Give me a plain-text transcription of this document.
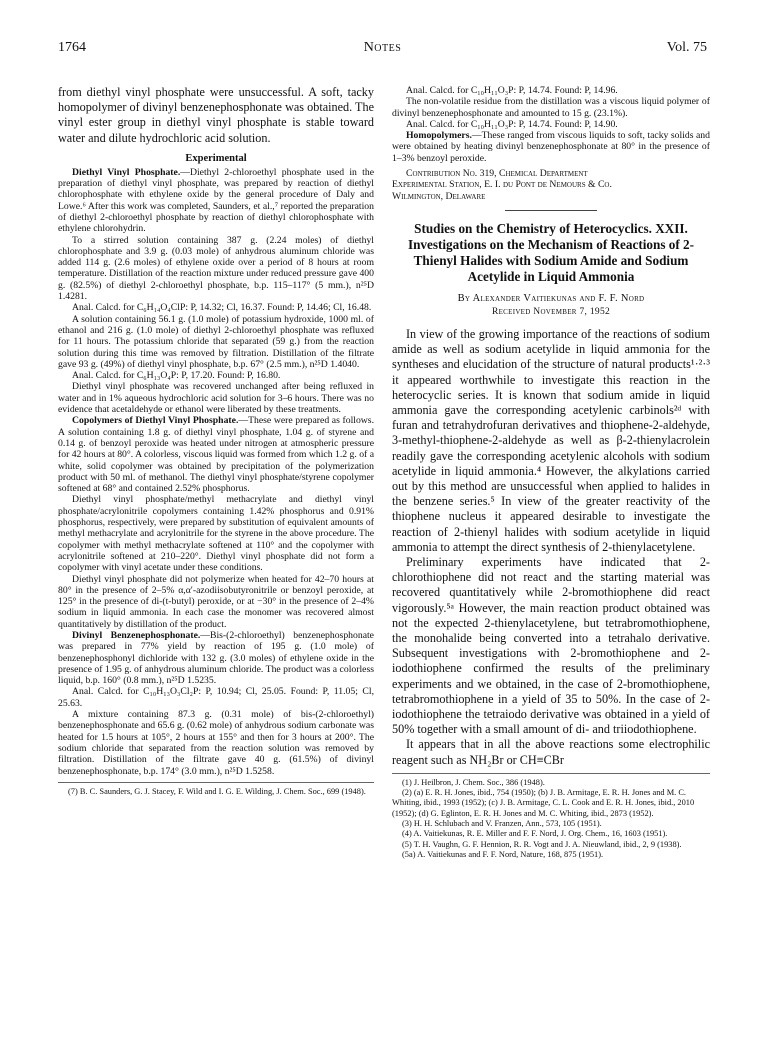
1764	Notes	Vol. 75

from diethyl vinyl phosphate were unsuccessful. A soft, tacky homopolymer of divinyl benzenephosphonate was obtained. The vinyl ester group in diethyl vinyl phosphate is stable toward water and dilute hydrochloric acid solution.

Experimental

Diethyl Vinyl Phosphate.—Diethyl 2-chloroethyl phosphate used in the preparation of diethyl vinyl phosphate, was prepared by reaction of diethyl chlorophosphate with ethylene oxide by the general procedure of Daly and Lowe.⁶ After this work was completed, Saunders, et al.,⁷ reported the preparation of diethyl 2-chloroethyl phosphate by reaction of diethyl chlorophosphate with ethylene chlorohydrin.

To a stirred solution containing 387 g. (2.24 moles) of diethyl chlorophosphate and 3.9 g. (0.03 mole) of anhydrous aluminum chloride was added 114 g. (2.6 moles) of ethylene oxide over a period of 8 hours at room temperature. Distillation of the reaction mixture under reduced pressure gave 400 g. (82.5%) of diethyl 2-chloroethyl phosphate, b.p. 115–117° (5 mm.), n²⁵D 1.4281.

Anal. Calcd. for C₆H₁₄O₄ClP: P, 14.32; Cl, 16.37. Found: P, 14.46; Cl, 16.48.

A solution containing 56.1 g. (1.0 mole) of potassium hydroxide, 1000 ml. of ethanol and 216 g. (1.0 mole) of diethyl 2-chloroethyl phosphate was refluxed for 11 hours. The potassium chloride that separated (59 g.) from the reaction solution during this time was removed by filtration. Distillation of the filtrate gave 93 g. (49%) of diethyl vinyl phosphate, b.p. 67° (2.5 mm.), n²⁵D 1.4040.

Anal. Calcd. for C₆H₁₃O₄P: P, 17.20. Found: P, 16.80.

Diethyl vinyl phosphate was recovered unchanged after being refluxed in water and in 1% aqueous hydrochloric acid solution for 3–6 hours. There was no evidence that acetaldehyde or ethanol were liberated by these treatments.

Copolymers of Diethyl Vinyl Phosphate.—These were prepared as follows. A solution containing 1.8 g. of diethyl vinyl phosphate, 1.04 g. of styrene and 0.14 g. of benzoyl peroxide was heated under nitrogen at atmospheric pressure for 42 hours at 80°. A colorless, viscous liquid was formed from which 1.2 g. of a white, solid copolymer was obtained by precipitation of the polymerization product with 50 ml. of methanol. The diethyl vinyl phosphate/styrene copolymer softened at 68° and contained 2.52% phosphorus.

Diethyl vinyl phosphate/methyl methacrylate and diethyl vinyl phosphate/acrylonitrile copolymers containing 1.42% phosphorus and 0.91% phosphorus, respectively, were prepared by substitution of equivalent amounts of methyl methacrylate and acrylonitrile for the styrene in the above procedure. The copolymer with methyl methacrylate softened at 110° and the copolymer with acrylonitrile softened at 210–220°. Diethyl vinyl phosphate did not form a copolymer with vinyl acetate under these conditions.

Diethyl vinyl phosphate did not polymerize when heated for 42–70 hours at 80° in the presence of 2–5% α,α′-azodiisobutyronitrile or benzoyl peroxide, at 125° in the presence of di-(t-butyl) peroxide, or at −30° in the presence of 2–4% sodium in liquid ammonia. In each case the monomer was recovered almost quantitatively by distillation of the product.

Divinyl Benzenephosphonate.—Bis-(2-chloroethyl) benzenephosphonate was prepared in 77% yield by reaction of 195 g. (1.0 mole) of benzenephosphonyl dichloride with 132 g. (3.0 moles) of ethylene oxide in the presence of 1.95 g. of anhydrous aluminum chloride. The product was a colorless liquid, b.p. 160° (0.8 mm.), n²⁵D 1.5235.

Anal. Calcd. for C₁₀H₁₃O₃Cl₂P: P, 10.94; Cl, 25.05. Found: P, 11.05; Cl, 25.63.

A mixture containing 87.3 g. (0.31 mole) of bis-(2-chloroethyl) benzenephosphonate and 65.6 g. (0.62 mole) of anhydrous sodium carbonate was heated for 1.5 hours at 105°, 2 hours at 155° and then for 3 hours at 200°. The sodium chloride that separated from the reaction solution was removed by filtration. Distillation of the filtrate gave 40 g. (61.5%) of divinyl benzenephosphonate, b.p. 174° (3.0 mm.), n²⁵D 1.5258.

(7) B. C. Saunders, G. J. Stacey, F. Wild and I. G. E. Wilding, J. Chem. Soc., 699 (1948).

Anal. Calcd. for C₁₀H₁₁O₃P: P, 14.74. Found: P, 14.96.

The non-volatile residue from the distillation was a viscous liquid polymer of divinyl benzenephosphonate and amounted to 15 g. (23.1%).

Anal. Calcd. for C₁₀H₁₁O₃P: P, 14.74. Found: P, 14.90.

Homopolymers.—These ranged from viscous liquids to soft, tacky solids and were obtained by heating divinyl benzenephosphonate at 80° in the presence of 1–3% benzoyl peroxide.

Contribution No. 319, Chemical Department

Experimental Station, E. I. du Pont de Nemours & Co.

Wilmington, Delaware

Studies on the Chemistry of Heterocyclics. XXII. Investigations on the Mechanism of Reactions of 2-Thienyl Halides with Sodium Amide and Sodium Acetylide in Liquid Ammonia
By Alexander Vaitiekunas and F. F. Nord
Received November 7, 1952

In view of the growing importance of the reactions of sodium amide as well as sodium acetylide in liquid ammonia for the syntheses and elucidation of the structure of natural products¹·²·³ it appeared worthwhile to investigate this reaction in the heterocyclic series. It is known that sodium amide in liquid ammonia gave the corresponding acetylenic carbinols²ᵈ with furan and tetrahydrofuran derivatives and thiophene-2-aldehyde, 3-methyl-thiophene-2-aldehyde as well as β-2-thienylacrolein readily gave the corresponding acetylenic alcohols with sodium acetylide in liquid ammonia.⁴ However, the alkylations carried out by this method are unsuccessful when applied to halides in the benzene series.⁵ In view of the greater reactivity of the thiophene nucleus it appeared desirable to investigate the reaction of 2-thienyl halides with sodium acetylide in liquid ammonia to attempt the direct synthesis of 2-thienylacetylene.

Preliminary experiments have indicated that 2-chlorothiophene did not react and the starting material was recovered quantitatively while 2-bromothiophene did react vigorously.⁵ᵃ However, the main reaction product obtained was not the expected 2-thienylacetylene, but tetrabromothiophene, the monohalide being converted into a tetrahalo derivative. Subsequent investigations with 2-bromothiophene and 2-iodothiophene confirmed the results of the preliminary experiments and we obtained, in the case of 2-bromothiophene, tetrabromothiophene in a yield of 35 to 50%. In the case of 2-iodothiophene the tetraiodo derivative was obtained in a yield of 50% together with a small amount of di- and triiodothiophene.

It appears that in all the above reactions some electrophilic reagent such as NH₂Br or CH≡CBr

(1) J. Heilbron, J. Chem. Soc., 386 (1948).

(2) (a) E. R. H. Jones, ibid., 754 (1950); (b) J. B. Armitage, E. R. H. Jones and M. C. Whiting, ibid., 1993 (1952); (c) J. B. Armitage, C. L. Cook and E. R. H. Jones, ibid., 2010 (1952); (d) G. Eglinton, E. R. H. Jones and M. C. Whiting, ibid., 2873 (1952).

(3) H. H. Schlubach and V. Franzen, Ann., 573, 105 (1951).

(4) A. Vaitiekunas, R. E. Miller and F. F. Nord, J. Org. Chem., 16, 1603 (1951).

(5) T. H. Vaughn, G. F. Hennion, R. R. Vogt and J. A. Nieuwland, ibid., 2, 9 (1938).

(5a) A. Vaitiekunas and F. F. Nord, Nature, 168, 875 (1951).
